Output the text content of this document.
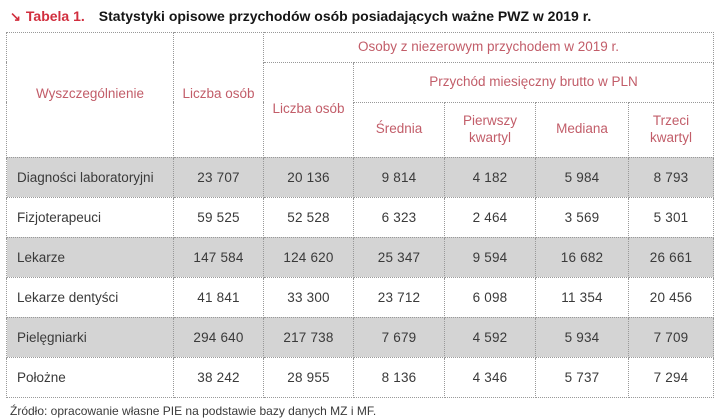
↘ Tabela 1. Statystyki opisowe przychodów osób posiadających ważne PWZ w 2019 r.
Wyszczególnienie	Liczba osób	Osoby z niezerowym przychodem w 2019 r.				
		Liczba osób	Przychód miesięczny brutto w PLN			
			Średnia	Pierwszy kwartyl	Mediana	Trzeci kwartyl
Diagności laboratoryjni	23 707	20 136	9 814	4 182	5 984	8 793
Fizjoterapeuci	59 525	52 528	6 323	2 464	3 569	5 301
Lekarze	147 584	124 620	25 347	9 594	16 682	26 661
Lekarze dentyści	41 841	33 300	23 712	6 098	11 354	20 456
Pielęgniarki	294 640	217 738	7 679	4 592	5 934	7 709
Położne	38 242	28 955	8 136	4 346	5 737	7 294
Źródło: opracowanie własne PIE na podstawie bazy danych MZ i MF.
